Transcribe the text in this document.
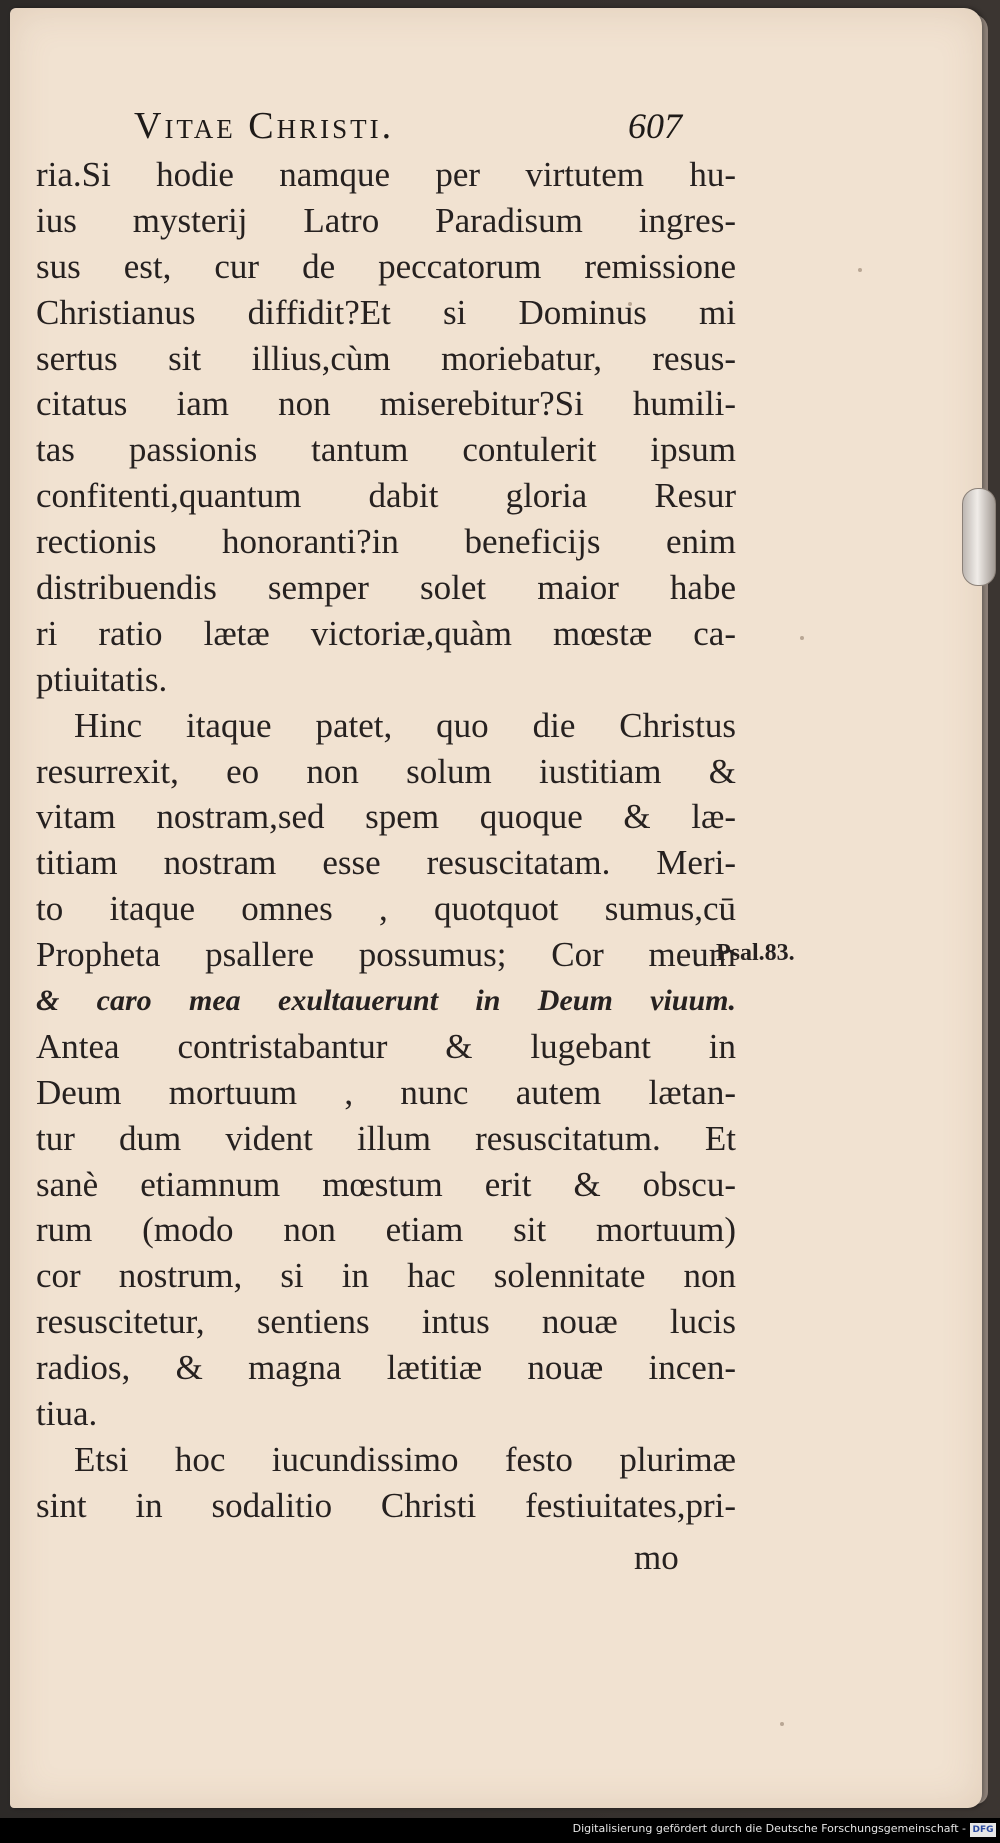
Vitae Christi.	607
ria.Si hodie namque per virtutem hu-
ius mysterij Latro Paradisum ingres-
sus est, cur de peccatorum remissione
Christianus diffidit?Et si Dominus mi
sertus sit illius,cùm moriebatur, resus-
citatus iam non miserebitur?Si humili-
tas passionis tantum contulerit ipsum
confitenti,quantum dabit gloria Resur
rectionis honoranti?in beneficijs enim
distribuendis semper solet maior habe
ri ratio lætæ victoriæ,quàm mœstæ ca-
ptiuitatis.
Hinc itaque patet, quo die Christus
resurrexit, eo non solum iustitiam &
vitam nostram,sed spem quoque & læ-
titiam nostram esse resuscitatam. Meri-
to itaque omnes , quotquot sumus,cū
Propheta psallere possumus; Cor meum
& caro mea exultauerunt in Deum viuum.
Antea contristabantur & lugebant in
Deum mortuum , nunc autem lætan-
tur dum vident illum resuscitatum. Et
sanè etiamnum mœstum erit & obscu-
rum (modo non etiam sit mortuum)
cor nostrum, si in hac solennitate non
resuscitetur, sentiens intus nouæ lucis
radios, & magna lætitiæ nouæ incen-
tiua.
Etsi hoc iucundissimo festo plurimæ
sint in sodalitio Christi festiuitates,pri-
Psal.83.
mo
Digitalisierung gefördert durch die Deutsche Forschungsgemeinschaft - DFG
